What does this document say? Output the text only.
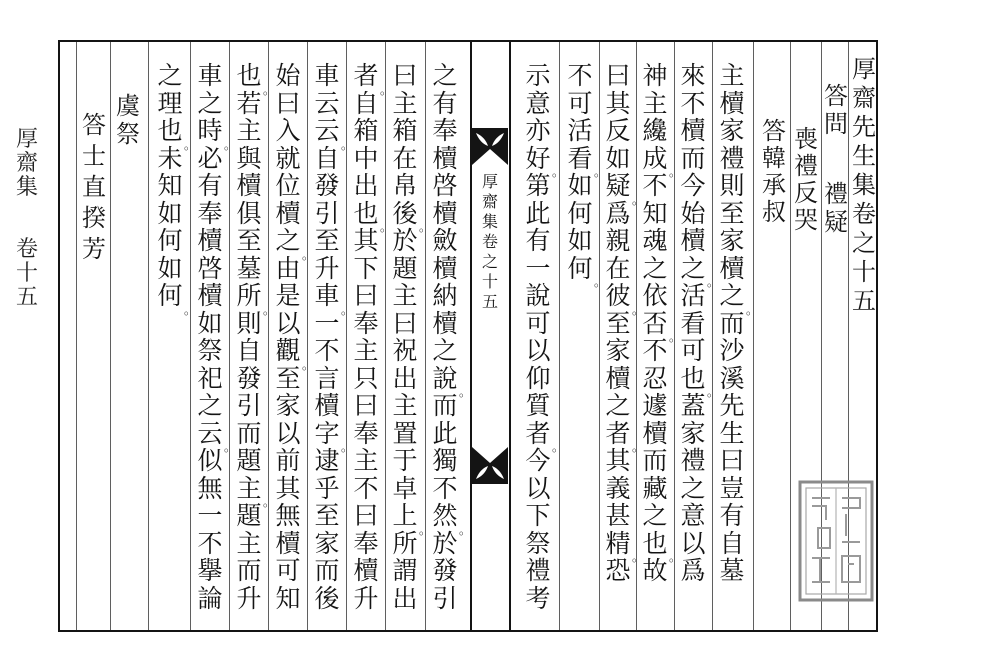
厚
齋
集
卷
十
五
厚
齋
集
卷
之
十
五
厚
齋
先
生
集
卷
之
十
五
答
問
禮
疑
喪
禮
反
哭
答
韓
承
叔
主
櫝
家
禮
則
至
家
櫝
之 。
而
沙
溪
先
生
曰
豈
有
自
墓
來
不
櫝
而
今
始
櫝
之 。
活
看
可
也 。
蓋
家
禮
之
意
以
爲
神
主
纔
成 。
不
知
魂
之
依
否 。
不
忍
遽
櫝
而
藏
之
也 。
故
曰
其
反
如
疑 。
爲
親
在
彼 。
至
家
櫝
之
者 。
其
義
甚
精 。
恐
不
可
活
看 。
如
何
如
何 。
示
意
亦
好 。
第
此
有
一
說
可
以
仰
質
者 。
今
以
下
祭
禮
考
之
有
奉
櫝
啓
櫝
斂
櫝
納
櫝
之
說 。
而
此
獨
不
然 。
於
發
引
曰
主
箱
在
帛
後 。
於
題
主
曰
祝
出
主
置
于
卓
上 。
所
謂
出
者 。
自
箱
中
出
也 。
其
下
曰
奉
主
只
曰
奉
主
不
曰
奉
櫝
升
車
云
云 。
自
發
引
至
升
車 。
一
不
言
櫝
字 。
逮
乎
至
家
而
後
始
曰
入
就
位
櫝
之 。
由
是
以
觀 。
至
家
以
前
其
無
櫝
可
知
也 。
若
主
與
櫝
俱
至
墓
所 。
則
自
發
引
而
題
主 。
題
主
而
升
車
之
時 。
必
有
奉
櫝
啓
櫝
如
祭
祀
之
云 。
似
無
一
不
擧
論
之
理
也 。
未
知
如
何
如
何 。
虞
祭
答
士
直
揆
芳
